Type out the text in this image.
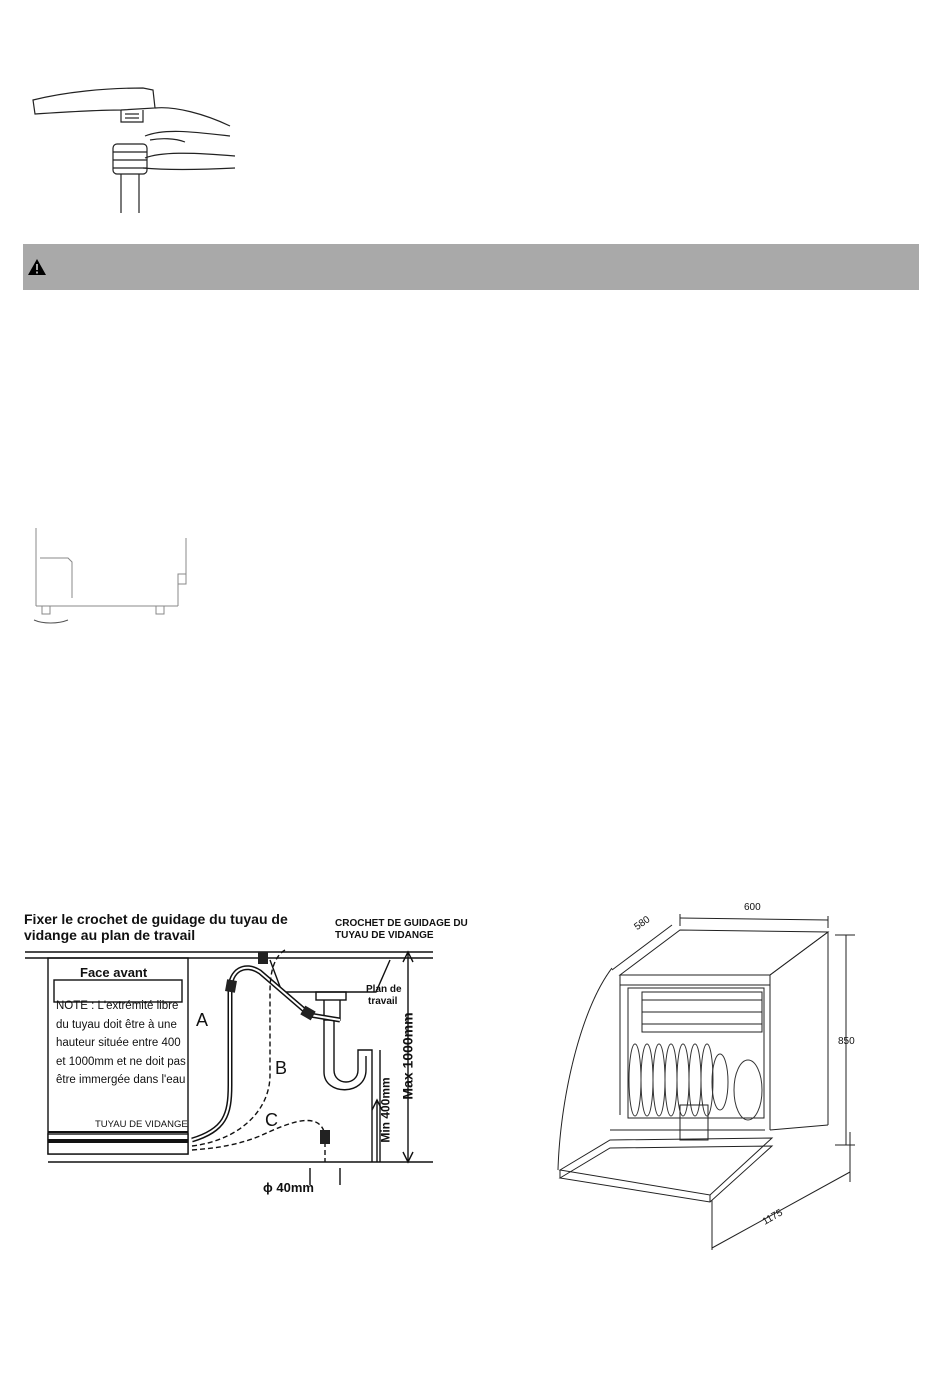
Fixer le crochet de guidage du tuyau de
vidange au plan de travail
CROCHET DE GUIDAGE DU
TUYAU DE VIDANGE
Face avant
NOTE : L'extrémité libre
du tuyau doit être à une
hauteur située entre 400
et 1000mm et ne doit pas
être immergée dans l'eau
TUYAU DE VIDANGE
Plan de
travail
Max 1000mm
Min 400mm
ϕ 40mm
A
B
C
600
580
850
1175
